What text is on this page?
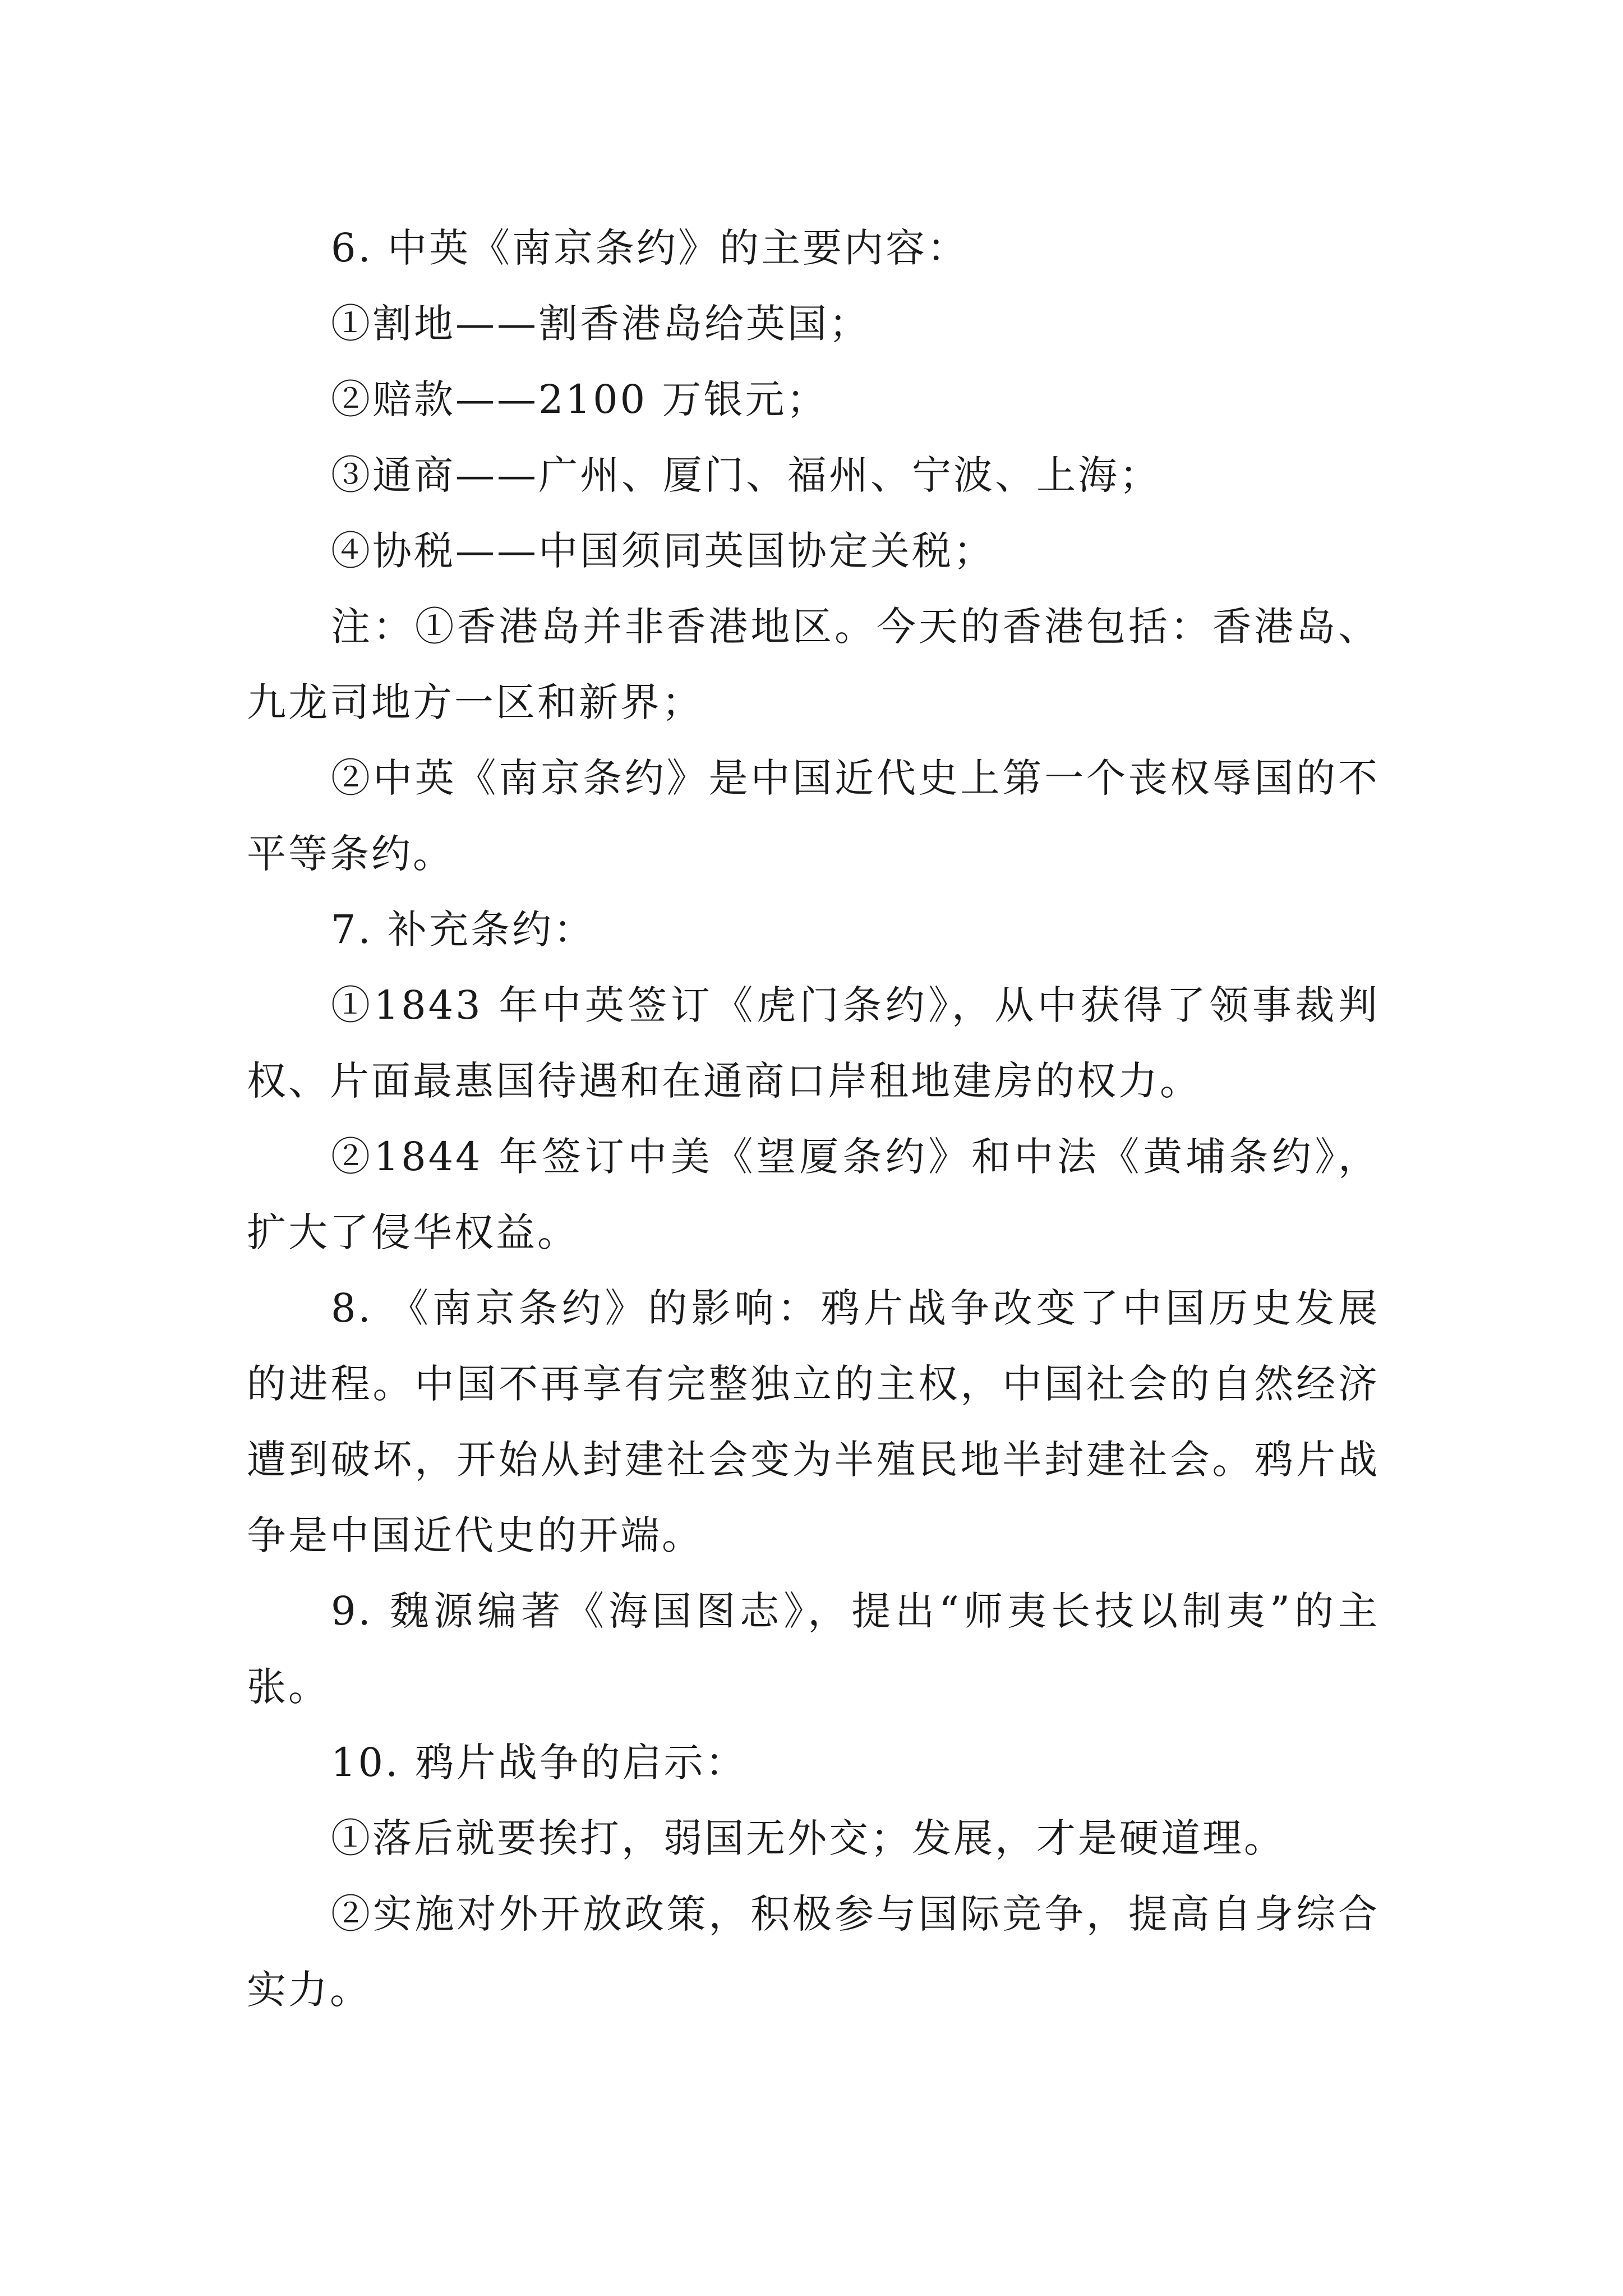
6. 中英《南京条约》的主要内容：

①割地——割香港岛给英国；

②赔款——2100 万银元；

③通商——广州、厦门、福州、宁波、上海；

④协税——中国须同英国协定关税；

注：①香港岛并非香港地区。今天的香港包括：香港岛、九龙司地方一区和新界；

②中英《南京条约》是中国近代史上第一个丧权辱国的不平等条约。

7. 补充条约：

①1843 年中英签订《虎门条约》，从中获得了领事裁判权、片面最惠国待遇和在通商口岸租地建房的权力。

②1844 年签订中美《望厦条约》和中法《黄埔条约》，扩大了侵华权益。

8. 《南京条约》的影响：鸦片战争改变了中国历史发展的进程。中国不再享有完整独立的主权，中国社会的自然经济遭到破坏，开始从封建社会变为半殖民地半封建社会。鸦片战争是中国近代史的开端。

9. 魏源编著《海国图志》，提出“师夷长技以制夷”的主张。

10. 鸦片战争的启示：

①落后就要挨打，弱国无外交；发展，才是硬道理。

②实施对外开放政策，积极参与国际竞争，提高自身综合实力。
